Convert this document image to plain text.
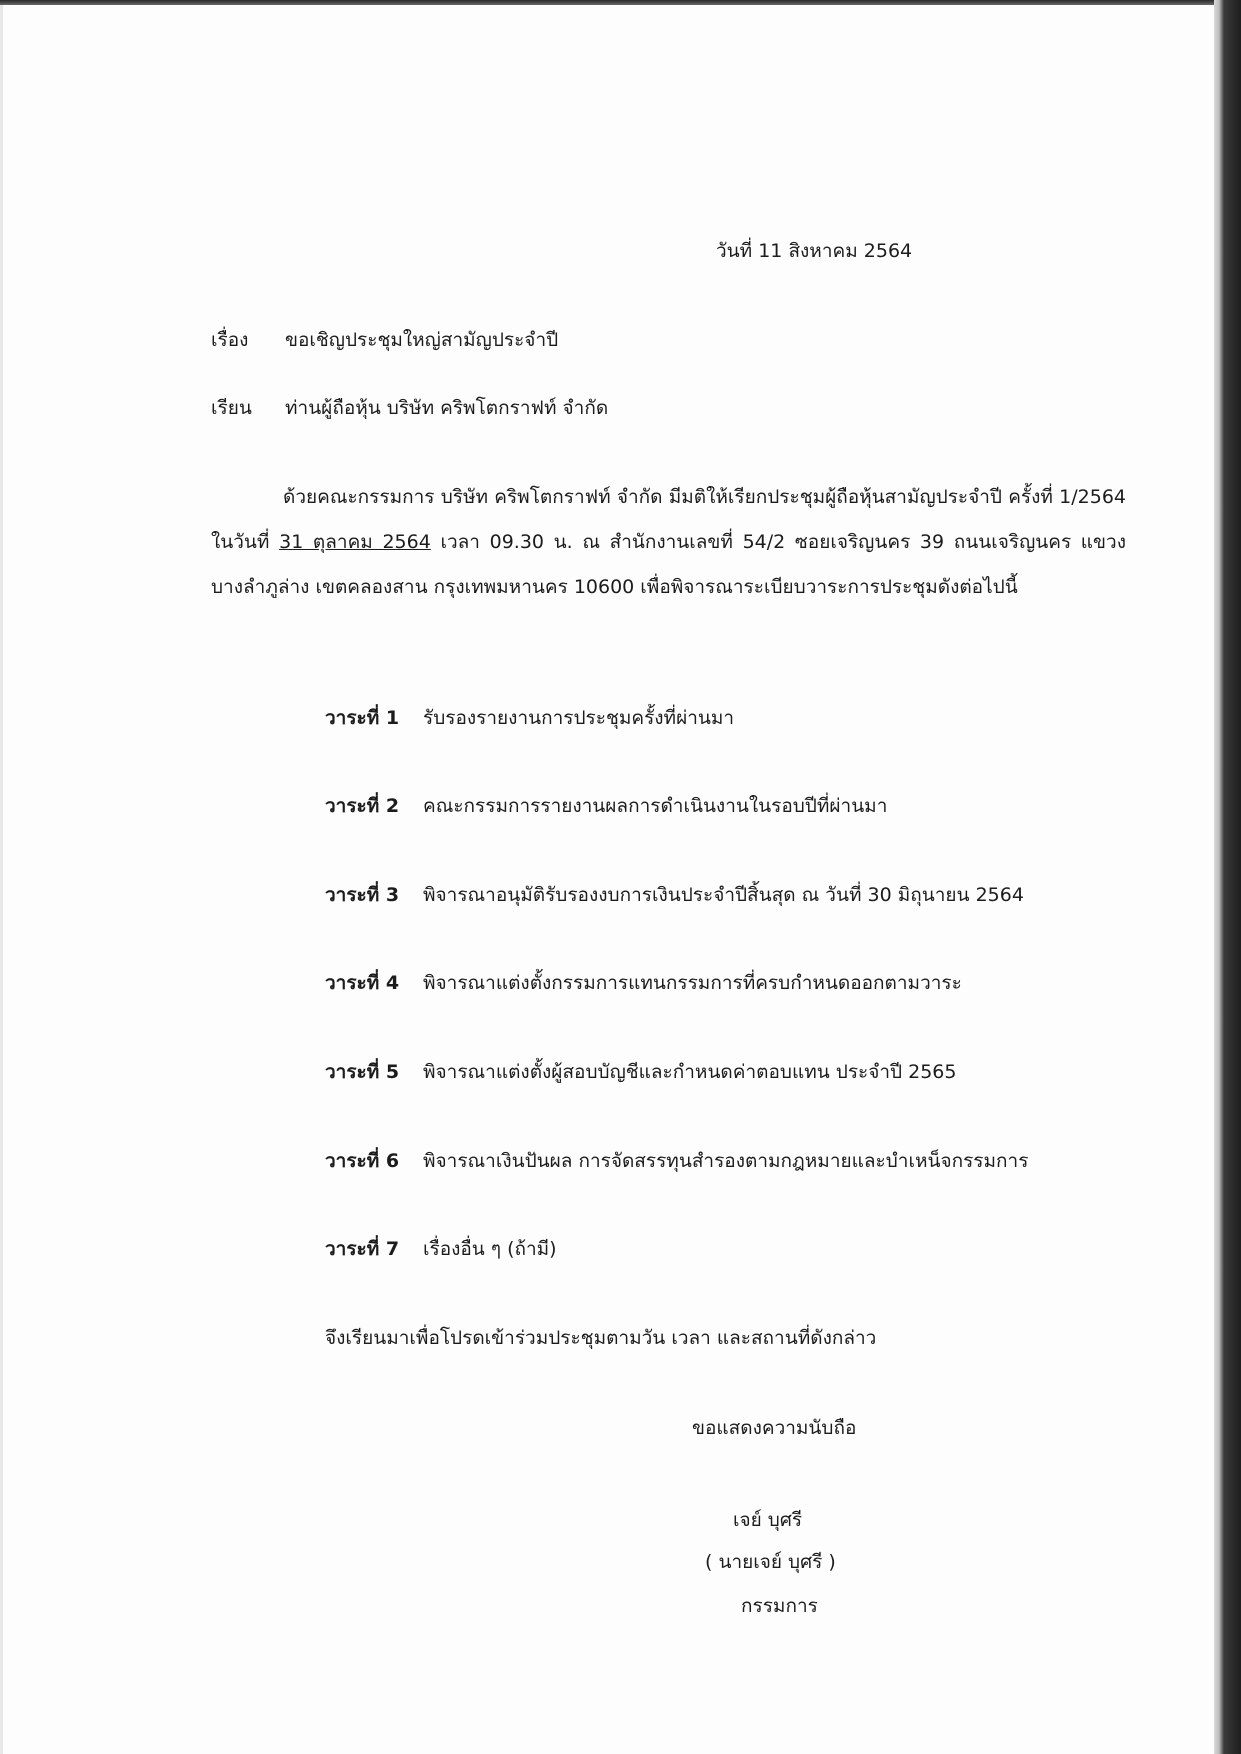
วันที่ 11 สิงหาคม 2564

เรื่อง ขอเชิญประชุมใหญ่สามัญประจำปี

เรียน ท่านผู้ถือหุ้น บริษัท คริพโตกราฟท์ จำกัด

ด้วยคณะกรรมการ บริษัท คริพโตกราฟท์ จำกัด มีมติให้เรียกประชุมผู้ถือหุ้นสามัญประจำปี ครั้งที่ 1/2564 ในวันที่ 31 ตุลาคม 2564 เวลา 09.30 น. ณ สำนักงานเลขที่ 54/2 ซอยเจริญนคร 39 ถนนเจริญนคร แขวงบางลำภูล่าง เขตคลองสาน กรุงเทพมหานคร 10600 เพื่อพิจารณาระเบียบวาระการประชุมดังต่อไปนี้

วาระที่ 1 รับรองรายงานการประชุมครั้งที่ผ่านมา
วาระที่ 2 คณะกรรมการรายงานผลการดำเนินงานในรอบปีที่ผ่านมา
วาระที่ 3 พิจารณาอนุมัติรับรองงบการเงินประจำปีสิ้นสุด ณ วันที่ 30 มิถุนายน 2564
วาระที่ 4 พิจารณาแต่งตั้งกรรมการแทนกรรมการที่ครบกำหนดออกตามวาระ
วาระที่ 5 พิจารณาแต่งตั้งผู้สอบบัญชีและกำหนดค่าตอบแทน ประจำปี 2565
วาระที่ 6 พิจารณาเงินปันผล การจัดสรรทุนสำรองตามกฎหมายและบำเหน็จกรรมการ
วาระที่ 7 เรื่องอื่น ๆ (ถ้ามี)

จึงเรียนมาเพื่อโปรดเข้าร่วมประชุมตามวัน เวลา และสถานที่ดังกล่าว

ขอแสดงความนับถือ

เจย์ บุศรี

( นายเจย์ บุศรี )

กรรมการ
